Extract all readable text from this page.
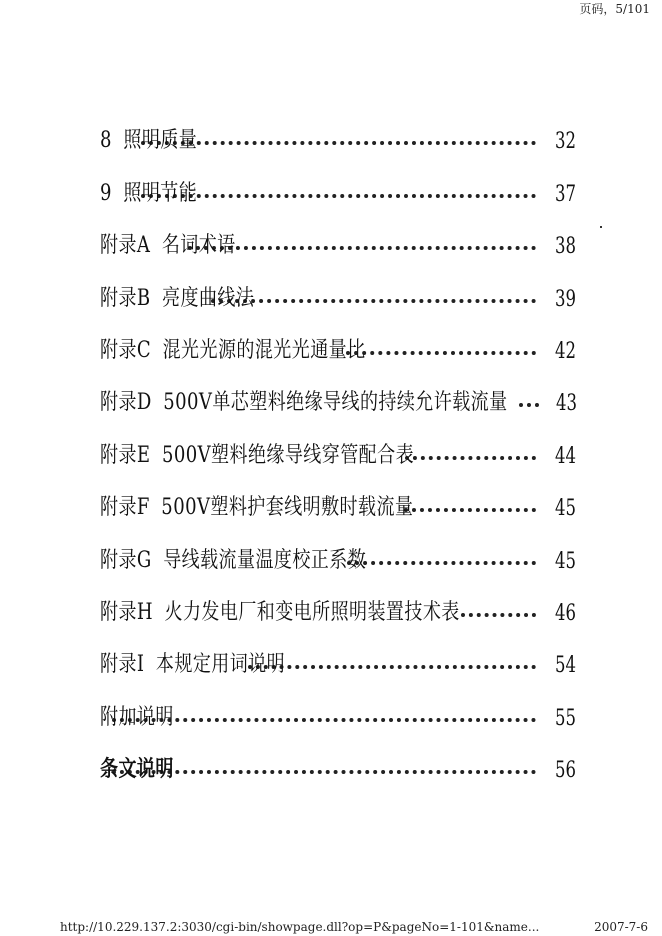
页码，5/101
8 照明质量	32
9 照明节能	37
附录A 名词术语	38
附录B 亮度曲线法	39
附录C 混光光源的混光光通量比	42
附录D 500V单芯塑料绝缘导线的持续允许载流量 43
附录E 500V塑料绝缘导线穿管配合表	44
附录F 500V塑料护套线明敷时载流量	45
附录G 导线载流量温度校正系数	45
附录H 火力发电厂和变电所照明装置技术表	46
附录I 本规定用词说明	54
附加说明	55
条文说明	56
http://10.229.137.2:3030/cgi-bin/showpage.dll?op=P&pageNo=1-101&name...	2007-7-6
